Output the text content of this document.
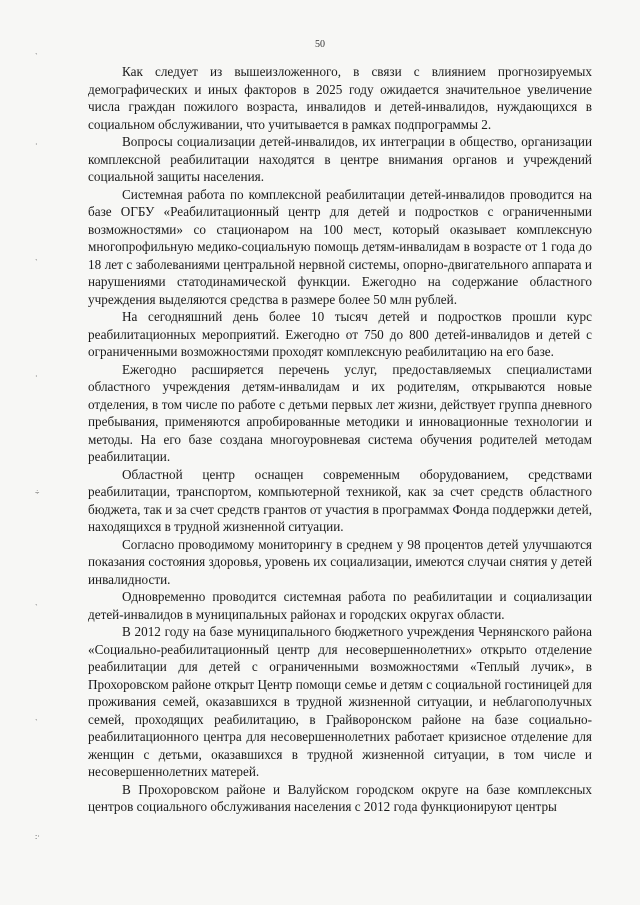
50
ˋ
·
ˋ
·
÷
ˋ
ˋ
:·

Как следует из вышеизложенного, в связи с влиянием прогнозируемых демографических и иных факторов в 2025 году ожидается значительное увеличение числа граждан пожилого возраста, инвалидов и детей-инвалидов, нуждающихся в социальном обслуживании, что учитывается в рамках подпрограммы 2.

Вопросы социализации детей-инвалидов, их интеграции в общество, организации комплексной реабилитации находятся в центре внимания органов и учреждений социальной защиты населения.

Системная работа по комплексной реабилитации детей-инвалидов проводится на базе ОГБУ «Реабилитационный центр для детей и подростков с ограниченными возможностями» со стационаром на 100 мест, который оказывает комплексную многопрофильную медико-социальную помощь детям-инвалидам в возрасте от 1 года до 18 лет с заболеваниями центральной нервной системы, опорно-двигательного аппарата и нарушениями статодинамической функции. Ежегодно на содержание областного учреждения выделяются средства в размере более 50 млн рублей.

На сегодняшний день более 10 тысяч детей и подростков прошли курс реабилитационных мероприятий. Ежегодно от 750 до 800 детей-инвалидов и детей с ограниченными возможностями проходят комплексную реабилитацию на его базе.

Ежегодно расширяется перечень услуг, предоставляемых специалистами областного учреждения детям-инвалидам и их родителям, открываются новые отделения, в том числе по работе с детьми первых лет жизни, действует группа дневного пребывания, применяются апробированные методики и инновационные технологии и методы. На его базе создана многоуровневая система обучения родителей методам реабилитации.

Областной центр оснащен современным оборудованием, средствами реабилитации, транспортом, компьютерной техникой, как за счет средств областного бюджета, так и за счет средств грантов от участия в программах Фонда поддержки детей, находящихся в трудной жизненной ситуации.

Согласно проводимому мониторингу в среднем у 98 процентов детей улучшаются показания состояния здоровья, уровень их социализации, имеются случаи снятия у детей инвалидности.

Одновременно проводится системная работа по реабилитации и социализации детей-инвалидов в муниципальных районах и городских округах области.

В 2012 году на базе муниципального бюджетного учреждения Чернянского района «Социально-реабилитационный центр для несовершеннолетних» открыто отделение реабилитации для детей с ограниченными возможностями «Теплый лучик», в Прохоровском районе открыт Центр помощи семье и детям с социальной гостиницей для проживания семей, оказавшихся в трудной жизненной ситуации, и неблагополучных семей, проходящих реабилитацию, в Грайворонском районе на базе социально-реабилитационного центра для несовершеннолетних работает кризисное отделение для женщин с детьми, оказавшихся в трудной жизненной ситуации, в том числе и несовершеннолетних матерей.

В Прохоровском районе и Валуйском городском округе на базе комплексных центров социального обслуживания населения с 2012 года функционируют центры
